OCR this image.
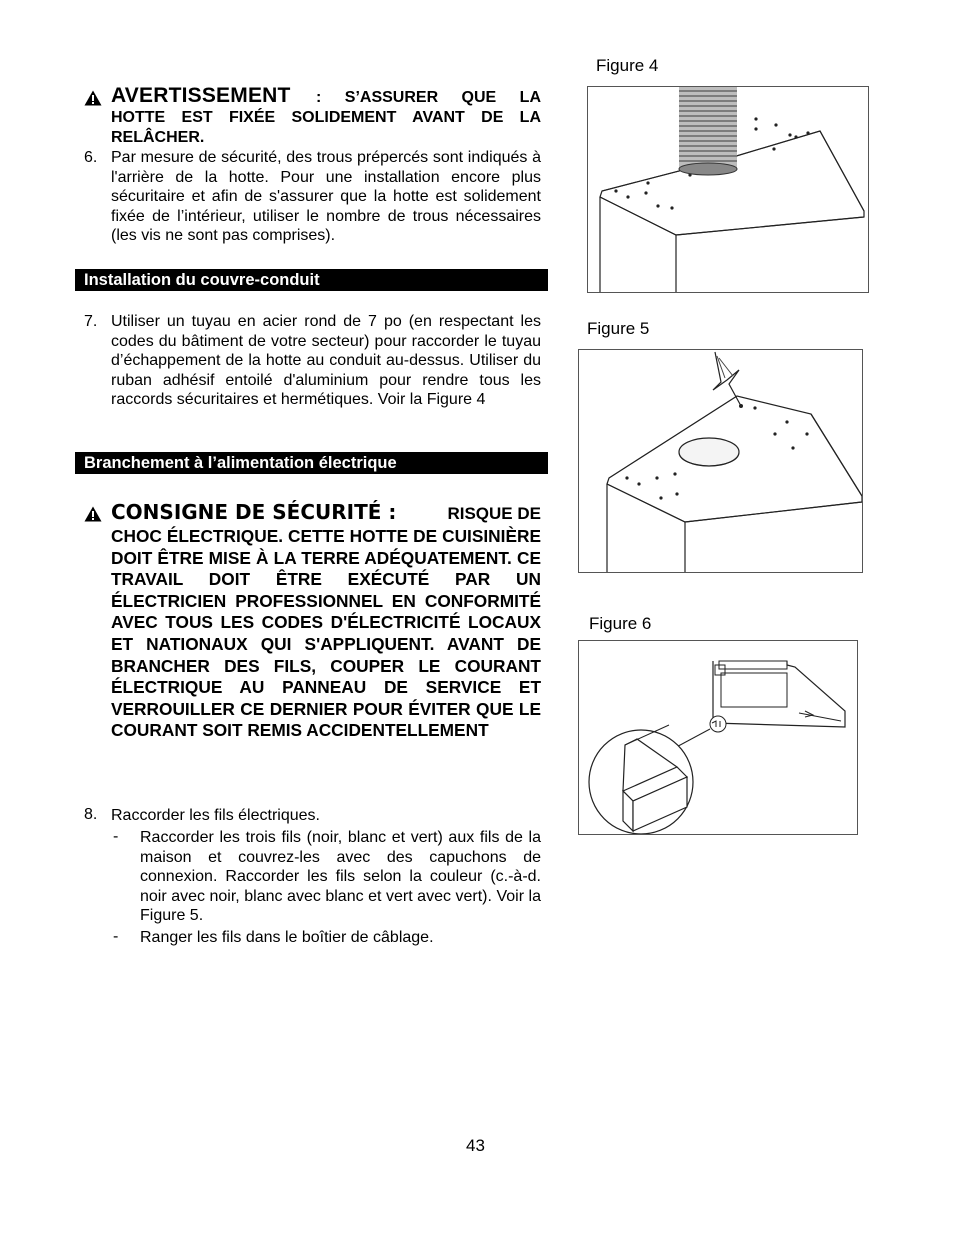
AVERTISSEMENT : S’ASSURER QUE LA
HOTTE EST FIXÉE SOLIDEMENT AVANT DE LA RELÂCHER.
6. Par mesure de sécurité, des trous prépercés sont indiqués à l'arrière de la hotte. Pour une installation encore plus sécuritaire et afin de s'assurer que la hotte est solidement fixée de l’intérieur, utiliser le nombre de trous nécessaires (les vis ne sont pas comprises).
Installation du couvre-conduit
7. Utiliser un tuyau en acier rond de 7 po (en respectant les codes du bâtiment de votre secteur) pour raccorder le tuyau d’échappement de la hotte au conduit au-dessus. Utiliser du ruban adhésif entoilé d'aluminium pour rendre tous les raccords sécuritaires et hermétiques. Voir la Figure 4
Branchement à l’alimentation électrique
CONSIGNE DE SÉCURITÉ :	RISQUE DE
CHOC ÉLECTRIQUE. CETTE HOTTE DE CUISINIÈRE DOIT ÊTRE MISE À LA TERRE ADÉQUATEMENT. CE TRAVAIL DOIT ÊTRE EXÉCUTÉ PAR UN ÉLECTRICIEN PROFESSIONNEL EN CONFORMITÉ AVEC TOUS LES CODES D'ÉLECTRICITÉ LOCAUX ET NATIONAUX QUI S'APPLIQUENT. AVANT DE BRANCHER DES FILS, COUPER LE COURANT ÉLECTRIQUE AU PANNEAU DE SERVICE ET VERROUILLER CE DERNIER POUR ÉVITER QUE LE COURANT SOIT REMIS ACCIDENTELLEMENT
8. Raccorder les fils électriques.
- Raccorder les trois fils (noir, blanc et vert) aux fils de la maison et couvrez-les avec des capuchons de connexion. Raccorder les fils selon la couleur (c.-à-d. noir avec noir, blanc avec blanc et vert avec vert). Voir la Figure 5.
- Ranger les fils dans le boîtier de câblage.
Figure 4
Figure 5
Figure 6
43
